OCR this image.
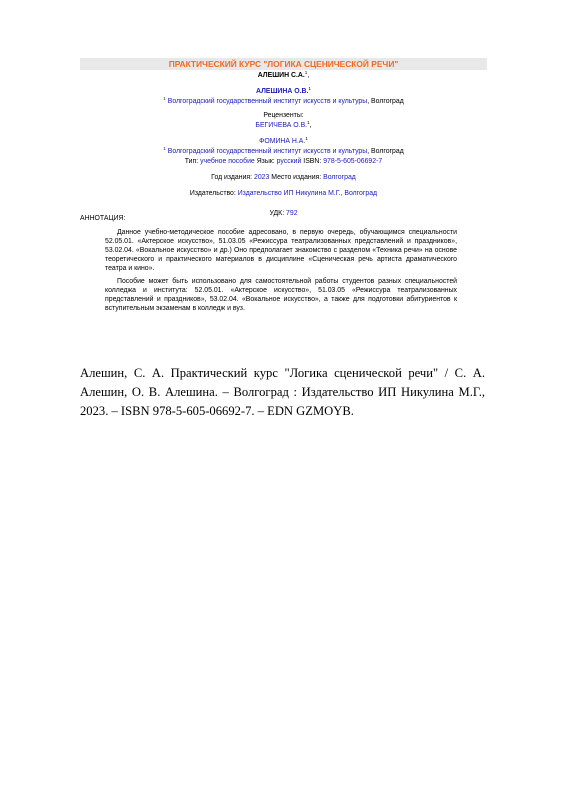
ПРАКТИЧЕСКИЙ КУРС "ЛОГИКА СЦЕНИЧЕСКОЙ РЕЧИ"
АЛЕШИН С.А.$^1$,
АЛЕШИНА О.В.$^1$
$^1$ Волгоградский государственный институт искусств и культуры, Волгоград
Рецензенты:
БЕГИЧЕВА О.В.$^1$,
ФОМИНА Н.А.$^1$
$^1$ Волгоградский государственный институт искусств и культуры, Волгоград
Тип: учебное пособие Язык: русский ISBN: 978-5-605-06692-7
Год издания: 2023 Место издания: Волгоград
Издательство: Издательство ИП Никулина М.Г., Волгоград
УДК: 792
АННОТАЦИЯ:

Данное учебно-методическое пособие адресовано, в первую очередь, обучающимся специальности 52.05.01. «Актерское искусство», 51.03.05 «Режиссура театрализованных представлений и праздников», 53.02.04. «Вокальное искусство» и др.) Оно предполагает знакомство с разделом «Техника речи» на основе теоретического и практического материалов в дисциплине «Сценическая речь артиста драматического театра и кино».

Пособие может быть использовано для самостоятельной работы студентов разных специальностей колледжа и института: 52.05.01. «Актерское искусство», 51.03.05 «Режиссура театрализованных представлений и праздников», 53.02.04. «Вокальное искусство», а также для подготовки абитуриентов к вступительным экзаменам в колледж и вуз.

Алешин, С. А. Практический курс "Логика сценической речи" / С. А. Алешин, О. В. Алешина. – Волгоград : Издательство ИП Никулина М.Г., 2023. – ISBN 978-5-605-06692-7. – EDN GZMOYB.
